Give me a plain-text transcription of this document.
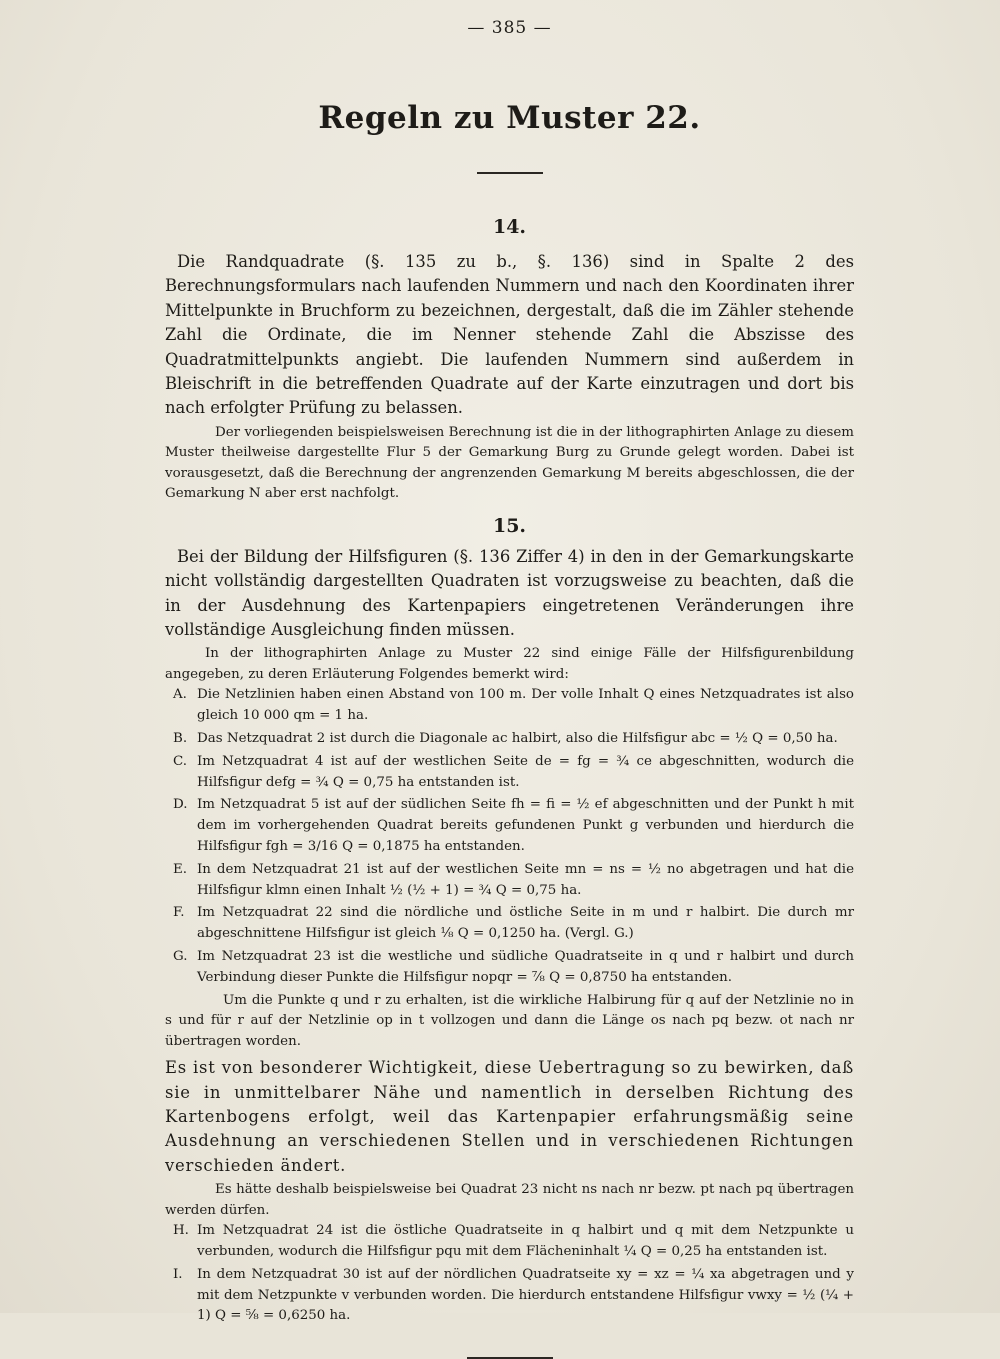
— 385 —

Regeln zu Muster 22.
14.

Die Randquadrate (§. 135 zu b., §. 136) sind in Spalte 2 des Berechnungsformulars nach laufenden Nummern und nach den Koordinaten ihrer Mittelpunkte in Bruchform zu bezeichnen, dergestalt, daß die im Zähler stehende Zahl die Ordinate, die im Nenner stehende Zahl die Abszisse des Quadratmittelpunkts angiebt. Die laufenden Nummern sind außerdem in Bleischrift in die betreffenden Quadrate auf der Karte einzutragen und dort bis nach erfolgter Prüfung zu belassen.

Der vorliegenden beispielsweisen Berechnung ist die in der lithographirten Anlage zu diesem Muster theilweise dargestellte Flur 5 der Gemarkung Burg zu Grunde gelegt worden. Dabei ist vorausgesetzt, daß die Berechnung der angrenzenden Gemarkung M bereits abgeschlossen, die der Gemarkung N aber erst nachfolgt.

15.

Bei der Bildung der Hilfsfiguren (§. 136 Ziffer 4) in den in der Gemarkungskarte nicht vollständig dargestellten Quadraten ist vorzugsweise zu beachten, daß die in der Ausdehnung des Kartenpapiers eingetretenen Veränderungen ihre vollständige Ausgleichung finden müssen.

In der lithographirten Anlage zu Muster 22 sind einige Fälle der Hilfsfigurenbildung angegeben, zu deren Erläuterung Folgendes bemerkt wird:

A. Die Netzlinien haben einen Abstand von 100 m. Der volle Inhalt Q eines Netzquadrates ist also gleich 10 000 qm = 1 ha.
B. Das Netzquadrat 2 ist durch die Diagonale ac halbirt, also die Hilfsfigur abc = ½ Q = 0,50 ha.
C. Im Netzquadrat 4 ist auf der westlichen Seite de = fg = ¾ ce abgeschnitten, wodurch die Hilfsfigur defg = ¾ Q = 0,75 ha entstanden ist.
D. Im Netzquadrat 5 ist auf der südlichen Seite fh = fi = ½ ef abgeschnitten und der Punkt h mit dem im vorhergehenden Quadrat bereits gefundenen Punkt g verbunden und hierdurch die Hilfsfigur fgh = 3/16 Q = 0,1875 ha entstanden.
E. In dem Netzquadrat 21 ist auf der westlichen Seite mn = ns = ½ no abgetragen und hat die Hilfsfigur klmn einen Inhalt ½ (½ + 1) = ¾ Q = 0,75 ha.
F. Im Netzquadrat 22 sind die nördliche und östliche Seite in m und r halbirt. Die durch mr abgeschnittene Hilfsfigur ist gleich ⅛ Q = 0,1250 ha. (Vergl. G.)
G. Im Netzquadrat 23 ist die westliche und südliche Quadratseite in q und r halbirt und durch Verbindung dieser Punkte die Hilfsfigur nopqr = ⅞ Q = 0,8750 ha entstanden.

Um die Punkte q und r zu erhalten, ist die wirkliche Halbirung für q auf der Netzlinie no in s und für r auf der Netzlinie op in t vollzogen und dann die Länge os nach pq bezw. ot nach nr übertragen worden.

Es ist von besonderer Wichtigkeit, diese Uebertragung so zu bewirken, daß sie in unmittelbarer Nähe und namentlich in derselben Richtung des Kartenbogens erfolgt, weil das Kartenpapier erfahrungsmäßig seine Ausdehnung an verschiedenen Stellen und in verschiedenen Richtungen verschieden ändert.

Es hätte deshalb beispielsweise bei Quadrat 23 nicht ns nach nr bezw. pt nach pq übertragen werden dürfen.

H. Im Netzquadrat 24 ist die östliche Quadratseite in q halbirt und q mit dem Netzpunkte u verbunden, wodurch die Hilfsfigur pqu mit dem Flächeninhalt ¼ Q = 0,25 ha entstanden ist.
I. In dem Netzquadrat 30 ist auf der nördlichen Quadratseite xy = xz = ¼ xa abgetragen und y mit dem Netzpunkte v verbunden worden. Die hierdurch entstandene Hilfsfigur vwxy = ½ (¼ + 1) Q = ⅝ = 0,6250 ha.
